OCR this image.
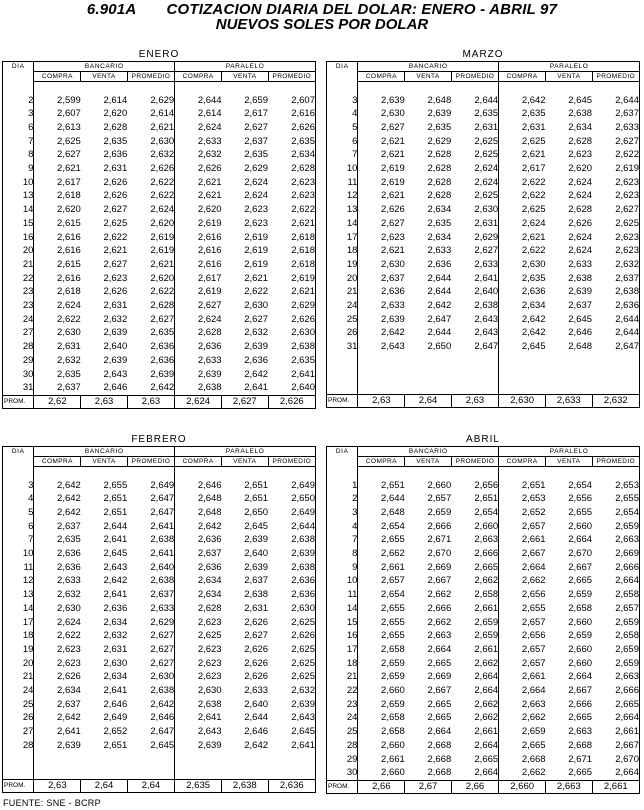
6.901A COTIZACION DIARIA DEL DOLAR: ENERO - ABRIL 97
NUEVOS SOLES POR DOLAR
ENERO
DIA	BANCARIO			PARALELO		
	COMPRA	VENTA	PROMEDIO	COMPRA	VENTA	PROMEDIO

2	2,599	2,614	2,629	2,644	2,659	2,607
3	2,607	2,620	2,614	2,614	2,617	2,616
6	2,613	2,628	2,621	2,624	2,627	2,626
7	2,625	2,635	2,630	2,633	2,637	2,635
8	2,627	2,636	2,632	2,632	2,635	2,634
9	2,621	2,631	2,626	2,626	2,629	2,628
10	2,617	2,626	2,622	2,621	2,624	2,623
13	2,618	2,626	2,622	2,621	2,624	2,623
14	2,620	2,627	2,624	2,620	2,623	2,622
15	2,615	2,625	2,620	2,619	2,623	2,621
16	2,616	2,622	2,619	2,616	2,619	2,618
20	2,616	2,621	2,619	2,616	2,619	2,618
21	2,615	2,627	2,621	2,616	2,619	2,618
22	2,616	2,623	2,620	2,617	2,621	2,619
23	2,618	2,626	2,622	2,619	2,622	2,621
23	2,624	2,631	2,628	2,627	2,630	2,629
24	2,622	2,632	2,627	2,624	2,627	2,626
27	2,630	2,639	2,635	2,628	2,632	2,630
28	2,631	2,640	2,636	2,636	2,639	2,638
29	2,632	2,639	2,636	2,633	2,636	2,635
30	2,635	2,643	2,639	2,639	2,642	2,641
31	2,637	2,646	2,642	2,638	2,641	2,640
PROM.	2,62	2,63	2,63	2,624	2,627	2,626
MARZO
DIA	BANCARIO			PARALELO		
	COMPRA	VENTA	PROMEDIO	COMPRA	VENTA	PROMEDIO

3	2,639	2,648	2,644	2,642	2,645	2,644
4	2,630	2,639	2,635	2,635	2,638	2,637
5	2,627	2,635	2,631	2,631	2,634	2,633
6	2,621	2,629	2,625	2,625	2,628	2,627
7	2,621	2,628	2,625	2,621	2,623	2,622
10	2,619	2,628	2,624	2,617	2,620	2,619
11	2,619	2,628	2,624	2,622	2,624	2,623
12	2,621	2,628	2,625	2,622	2,624	2,623
13	2,626	2,634	2,630	2,625	2,628	2,627
14	2,627	2,635	2,631	2,624	2,626	2,625
17	2,623	2,634	2,629	2,621	2,624	2,623
18	2,621	2,633	2,627	2,622	2,624	2,623
19	2,630	2,636	2,633	2,630	2,633	2,632
20	2,637	2,644	2,641	2,635	2,638	2,637
21	2,636	2,644	2,640	2,636	2,639	2,638
24	2,633	2,642	2,638	2,634	2,637	2,636
25	2,639	2,647	2,643	2,642	2,645	2,644
26	2,642	2,644	2,643	2,642	2,646	2,644
31	2,643	2,650	2,647	2,645	2,648	2,647

PROM.	2,63	2,64	2,63	2,630	2,633	2,632
FEBRERO
DIA	BANCARIO			PARALELO		
	COMPRA	VENTA	PROMEDIO	COMPRA	VENTA	PROMEDIO

3	2,642	2,655	2,649	2,646	2,651	2,649
4	2,642	2,651	2,647	2,648	2,651	2,650
5	2,642	2,651	2,647	2,648	2,650	2,649
6	2,637	2,644	2,641	2,642	2,645	2,644
7	2,635	2,641	2,638	2,636	2,639	2,638
10	2,636	2,645	2,641	2,637	2,640	2,639
11	2,636	2,643	2,640	2,636	2,639	2,638
12	2,633	2,642	2,638	2,634	2,637	2,636
13	2,632	2,641	2,637	2,634	2,638	2,636
14	2,630	2,636	2,633	2,628	2,631	2,630
17	2,624	2,634	2,629	2,623	2,626	2,625
18	2,622	2,632	2,627	2,625	2,627	2,626
19	2,623	2,631	2,627	2,623	2,626	2,625
20	2,623	2,630	2,627	2,623	2,626	2,625
21	2,626	2,634	2,630	2,623	2,626	2,625
24	2,634	2,641	2,638	2,630	2,633	2,632
25	2,637	2,646	2,642	2,638	2,640	2,639
26	2,642	2,649	2,646	2,641	2,644	2,643
27	2,641	2,652	2,647	2,643	2,646	2,645
28	2,639	2,651	2,645	2,639	2,642	2,641

PROM.	2,63	2,64	2,64	2,635	2,638	2,636
ABRIL
DIA	BANCARIO			PARALELO		
	COMPRA	VENTA	PROMEDIO	COMPRA	VENTA	PROMEDIO

1	2,651	2,660	2,656	2,651	2,654	2,653
2	2,644	2,657	2,651	2,653	2,656	2,655
3	2,648	2,659	2,654	2,652	2,655	2,654
4	2,654	2,666	2,660	2,657	2,660	2,659
7	2,655	2,671	2,663	2,661	2,664	2,663
8	2,662	2,670	2,666	2,667	2,670	2,669
9	2,661	2,669	2,665	2,664	2,667	2,666
10	2,657	2,667	2,662	2,662	2,665	2,664
11	2,654	2,662	2,658	2,656	2,659	2,658
14	2,655	2,666	2,661	2,655	2,658	2,657
15	2,655	2,662	2,659	2,657	2,660	2,659
16	2,655	2,663	2,659	2,656	2,659	2,658
17	2,658	2,664	2,661	2,657	2,660	2,659
18	2,659	2,665	2,662	2,657	2,660	2,659
21	2,659	2,669	2,664	2,661	2,664	2,663
22	2,660	2,667	2,664	2,664	2,667	2,666
23	2,659	2,665	2,662	2,663	2,666	2,665
24	2,658	2,665	2,662	2,662	2,665	2,664
25	2,658	2,664	2,661	2,659	2,663	2,661
28	2,660	2,668	2,664	2,665	2,668	2,667
29	2,661	2,668	2,665	2,668	2,671	2,670
30	2,660	2,668	2,664	2,662	2,665	2,664
PROM.	2,66	2,67	2,66	2,660	2,663	2,661
FUENTE: SNE - BCRP
